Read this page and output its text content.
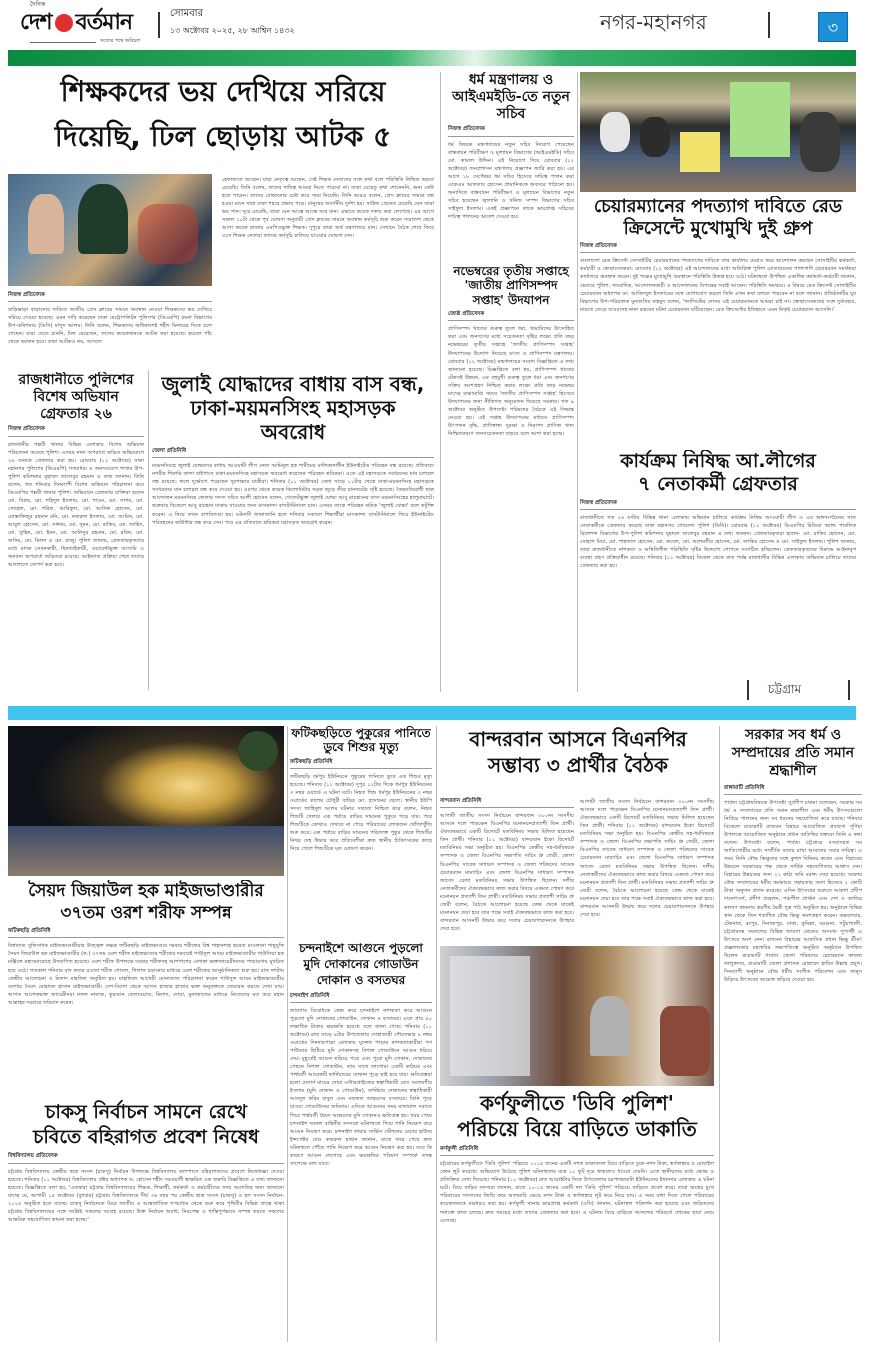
দৈনিক
দেশ বর্তমান
সত্যের পথে অবিচল
সোমবার
১৩ অক্টোবর ২০২৫, ২৮ আশ্বিন ১৪৩২	নগর-মহানগর	৩
শিক্ষকদের ভয় দেখিয়ে সরিয়ে
দিয়েছি, ঢিল ছোড়ায় আটক ৫
নিজস্ব প্রতিবেদক
বাড়িভাড়া বাড়ানোর দাবিতে জাতীয় প্রেস ক্লাবের সামনে অবস্থান নেওয়া শিক্ষকদের ভয় দেখিয়ে সরিয়ে দেওয়া হয়েছে। এমন দাবি করেছেন ঢাকা মেট্রোপলিটন পুলিশের (ডিএমপি) রমনা বিভাগের উপ-কমিশনার (ডিসি) মাসুদ আলম। তিনি বলেন, শিক্ষকদের অধিকাংশই শহীদ মিনারের দিকে চলে গেছেন। যারা যেতে চাননি, ঢিল মেরেছেন, তাদের কয়েকজনকে আটক করা হয়েছে। হয়তো পাঁচ থেকে ছয়জন হবে। তারা আটকও নয়, আসলে
হেফাজতে আছেন। যারা নেতৃত্বে আছেন, সেই শিক্ষক নেতাদের সঙ্গে কথা বলে পরিস্থিতি নিশ্চিত করতে চেয়েছি। তিনি বলেন, তাদের দায়িত্ব আমরা নিতে পারবো না। তারা যেহেতু কথা শোনেননি, অন্য কেউ হতে পারেন। তাদের বোঝানোর চেষ্টা করে সময় নিয়েছি। তিনি আরও বলেন, প্রেস ক্লাবের সামনে বন্ধ হওয়া মানে সারা ঢাকা শহরে প্রভাব পড়ে। মানুষের অবর্ণনীয় দুর্দশা হয়। সাউন্ড গ্রেনেড মেরেছি যেন তারা ভয় পান। দূরে মেরেছি, তারা যেন আস্তে আস্তে সরে যান। এভাবে কয়েক দফায় করা লেগেছে। এর আগে সকাল ১০টা থেকে পূর্ব ঘোষণা অনুযায়ী প্রেস ক্লাবের সামনে অবস্থান কর্মসূচি শুরু করেন সারাদেশ থেকে আসা কয়েক হাজার এমপিওভুক্ত শিক্ষক। দুপুরে তারা অর্থ মন্ত্রণালয়ে যান। সেখানে বৈঠক শেষে ফিরে এসে শিক্ষক নেতারা তাদের কর্মসূচি চালিয়ে যাওয়ার ঘোষণা দেন।
ধর্ম মন্ত্রণালয় ও আইএমইডি-তে নতুন সচিব
নিজস্ব প্রতিবেদক
ধর্ম বিষয়ক মন্ত্রণালয়ের নতুন সচিব নিয়োগ পেয়েছেন বাস্তবায়ন পরিবীক্ষণ ও মূল্যায়ন বিভাগের (আইএমইডি) সচিব মো. কামাল উদ্দিন। এই নিয়োগে দিয়ে রোববার (১২ অক্টোবর) জনপ্রশাসন মন্ত্রণালয় প্রজ্ঞাপন জারি করা হয়। এর আগে ১৮ সেপ্টেম্বর ধর্ম সচিব হিসেবে দায়িত্ব পালন করা একেএম আফতাব হোসেন প্রামানিককে অবসরে পাঠানো হয়। অন্যদিকে বাস্তবায়ন পরিবীক্ষণ ও মূল্যায়ন বিভাগের নতুন সচিব হয়েছেন জ্বালানি ও খনিজ সম্পদ বিভাগের সচিব সাইফুল ইসলাম। একই প্রজ্ঞাপনে তাকে ভারপ্রাপ্ত সচিবের দায়িত্ব পালনের আদেশ দেওয়া হয়।
চেয়ারম্যানের পদত্যাগ দাবিতে রেড
ক্রিসেন্টে মুখোমুখি দুই গ্রুপ
নিজস্ব প্রতিবেদক
বাংলাদেশ রেড ক্রিসেন্ট সোসাইটির চেয়ারম্যানের পদত্যাগের দাবিতে তার কার্যালয় ঘেরাও করে আন্দোলন করছেন সোসাইটির কর্মকর্তা, কর্মচারী ও স্বেচ্ছাসেবকরা। রোববার (১২ অক্টোবর) এই আন্দোলনের মধ্যে অতিরিক্ত পুলিশ মোতায়েনের পাশাপাশি চেয়ারম্যান সমর্থকরা কার্যালয়ে অবস্থান করেন। দুই পক্ষের মুখোমুখি অবস্থানে পরিস্থিতি উত্তপ্ত হয়ে ওঠে। ঘটনাস্থলে উপস্থিত একাধিক কর্মকর্তা-কর্মচারী জানান, ভেতরে পুলিশ, সাংবাদিক, আন্দোলনকারী ও আন্দোলনের বিপক্ষের সবাই আছেন। পরিস্থিতি থমথমে। এ বিষয়ে রেড ক্রিসেন্ট সোসাইটির চেয়ারম্যান অধ্যাপক ডা. আজিজুল ইসলামের সঙ্গে যোগাযোগ করলে তিনি এখন কথা বলতে পারবেন না বলে জানান। প্রতিষ্ঠানটির যুব বিভাগের উপ-পরিচালক মুনতাসির মাহমুদ বলেন, 'ফ্যাসিস্টের দোসর এই চেয়ারম্যানকে আমরা চাই না। স্বেচ্ছাসেবকদের সঙ্গে দুর্ব্যবহার, মারতে তেড়ে যাওয়াসহ নানা রকমের ঘটনা চেয়ারম্যান ঘটিয়েছেন। রেড ক্রিসেন্টের ইতিহাসে এমন নিকৃষ্ট চেয়ারম্যান আসেনি।'
রাজধানীতে পুলিশের বিশেষ অভিযান গ্রেফতার ২৬
নিজস্ব প্রতিবেদক
রাজধানীর পল্লবী থানার বিভিন্ন এলাকায় বিশেষ অভিযান পরিচালনা করেছে পুলিশ। এসময় নানা অপরাধে জড়িত অভিযোগে ২৬ জনকে গ্রেফতার করা হয়। রোববার (১২ অক্টোবর) ঢাকা মহানগর পুলিশের (ডিএমপি) গণমাধ্যম ও জনসংযোগ শাখার উপ-পুলিশ কমিশনার মুহাম্মদ তালেবুর রহমান এ তথ্য জানান। তিনি বলেন, গত শনিবার দিনব্যাপী বিশেষ অভিযান পরিচালনা করে ডিএমপির পল্লবী থানার পুলিশ। অভিযানে গ্রেফতার ব্যক্তিরা হলেন মো. বিপ্লব, মো. শহিদুল ইসলাম, মো. শাওন, মো. সাগর, মো. সোহেল, মো. শরিফ, আরিফুল, মো. আসিফ হোসেন, মো. মোস্তাফিজুর রহমান রনি, মো. নজরুল ইসলাম, মো. আমিন, মো. আবুল হোসেন, মো. সাদ্দাম, মো. সুমন, মো. রাকিব, মো. জাহিদ, মো. তুহিন, মো. ইমন, মো. আনিসুর রহমান, মো. রবিন, মো. জসিম, মো. মিলন ও মো. রাজু। পুলিশ জানায়, গ্রেফতারকৃতদের মধ্যে মাদক সেবনকারী, ছিনতাইকারী, ওয়ারেন্টভুক্ত আসামি ও অন্যান্য অপরাধে জড়িতরা রয়েছে। আইনগত প্রক্রিয়া শেষে তাদের আদালতে সোপর্দ করা হবে।
জুলাই যোদ্ধাদের বাধায় বাস বন্ধ, ঢাকা-ময়মনসিংহ মহাসড়ক অবরোধ
জেলা প্রতিনিধি
ময়মনসিংহে জুলাই যোদ্ধাদের বাধায় আওয়ামী লীগ নেতা আমিনুল হক শামীমের মালিকানাধীন ইউনাইটেড পরিবহন বন্ধ রয়েছে। প্রতিবাদে নগরীর শিকারি কান্দা বাইপাসে ঢাকা-ময়মনসিংহ মহাসড়ক অবরোধ করেছেন পরিবহন শ্রমিকরা। এতে এই মহাসড়কে সবধরনের যান চলাচল বন্ধ রয়েছে। ফলে দুর্ভোগে পড়েছেন দূরপাল্লার যাত্রীরা। শনিবার (১১ অক্টোবর) বেলা সাড়ে ১১টার থেকে ঢাকা-ময়মনসিংহ মহাসড়কে সবধরনের যান চলাচল বন্ধ করে দেওয়া হয়। এরপর থেকে কয়েক কিলোমিটার সড়ক জুড়ে তীব্র যানজটের সৃষ্টি হয়েছে। বৈষম্যবিরোধী ছাত্র আন্দোলন ময়মনসিংহ জেলার সদস্য সচিব আলী হোসেন বলেন, গেজেটভুক্ত জুলাই যোদ্ধা আবু রায়হানের বাসা ময়মনসিংহের হালুয়াঘাটে। শুক্রবার বিকেলে আবু রায়হান ঢাকায় যাওয়ার জন্য মাসকান্দা বাসটার্মিনালে যান। এসময় তাকে পরিবহন শ্রমিক 'জুলাই যোদ্ধা' বলে কটূক্তি করেন। এ নিয়ে তখন বাগবিতণ্ডা হয়। ঘটনাটি জানাজানি হলে শনিবার সকালে শিক্ষার্থীরা মাসকান্দা বাসটার্মিনালে গিয়ে ইউনাইটেড পরিবহনের কাউন্টার বন্ধ করে দেন। পরে এর প্রতিবাদে শ্রমিকরা মহাসড়ক অবরোধ করেন।
নভেম্বরের তৃতীয় সপ্তাহে 'জাতীয় প্রাণিসম্পদ সপ্তাহ' উদযাপন
জ্যেষ্ঠ প্রতিবেদক
প্রাণিসম্পদ খাতের গুরুত্ব তুলে ধরা, খামারিদের উৎসাহিত করা এবং জনগণের মধ্যে সচেতনতা সৃষ্টির লক্ষ্যে প্রতি বছর নভেম্বরের তৃতীয় সপ্তাহে 'জাতীয় প্রাণিসম্পদ সপ্তাহ' উদযাপনের উদ্যোগ নিয়েছে মৎস্য ও প্রাণিসম্পদ মন্ত্রণালয়। রোববার (১২ অক্টোবর) মন্ত্রণালয়ের সংবাদ বিজ্ঞপ্তিতে এ তথ্য জানানো হয়েছে। বিজ্ঞপ্তিতে বলা হয়, প্রাণিসম্পদ খাতের টেকসই উন্নয়ন, এর বহুমুখী গুরুত্ব তুলে ধরা এবং জনগণের সক্রিয় অংশগ্রহণ নিশ্চিত করার লক্ষ্যে প্রতি বছর নভেম্বর মাসের মাঝামাঝি সময়ে 'জাতীয় প্রাণিসম্পদ সপ্তাহ' হিসেবে উদযাপনের জন্য নীতিগত অনুমোদন দিয়েছে সরকার। গত ৯ অক্টোবর অনুষ্ঠিত উপদেষ্টা পরিষদের বৈঠকে এই সিদ্ধান্ত নেওয়া হয়। এই সপ্তাহ উদযাপনের মাধ্যমে প্রাণিসম্পদ উৎপাদন বৃদ্ধি, প্রাণিস্বাস্থ্য সুরক্ষা ও নিরাপদ প্রাণিজ খাদ্য নিশ্চিতকরণে জনসচেতনতা বাড়বে বলে আশা করা হচ্ছে।
কার্যক্রম নিষিদ্ধ আ.লীগের
৭ নেতাকর্মী গ্রেফতার
নিজস্ব প্রতিবেদক
রাজধানীতে গত ২৪ ঘণ্টায় বিভিন্ন থানা এলাকায় অভিযান চালিয়ে কার্যক্রম নিষিদ্ধ আওয়ামী লীগ ও এর অঙ্গসংগঠনের সাত নেতাকর্মীকে গ্রেফতার করেছে ঢাকা মহানগর গোয়েন্দা পুলিশ (ডিবি)। রোববার (১২ অক্টোবর) ডিএমপির মিডিয়া অ্যান্ড পাবলিক রিলেশন্স বিভাগের উপ-পুলিশ কমিশনার মুহাম্মদ তালেবুর রহমান এ তথ্য জানান। গ্রেফতারকৃতরা হলেন- মো. রাকিব হোসেন, মো. সোহাগ মিয়া, মো. শাহাদাত হোসেন, মো. রুবেল, মো. আলমগীর হোসেন, মো. জাকির হোসেন ও মো. সাইফুল ইসলাম। পুলিশ জানায়, তারা রাজধানীতে নাশকতা ও অস্থিতিশীল পরিস্থিতি সৃষ্টির উদ্দেশ্যে গোপনে সংগঠিত হচ্ছিলেন। গ্রেফতারকৃতদের বিরুদ্ধে আইনানুগ ব্যবস্থা গ্রহণ প্রক্রিয়াধীন রয়েছে। শনিবার (১১ অক্টোবর) বিকেল থেকে রাত পর্যন্ত রাজধানীর বিভিন্ন এলাকায় অভিযান চালিয়ে তাদের গ্রেফতার করা হয়।
চট্টগ্রাম
সৈয়দ জিয়াউল হক মাইজভাণ্ডারীর
৩৭তম ওরশ শরীফ সম্পন্ন
ফটিকছড়ি প্রতিনিধি
বিশ্বখ্যাত সুফিসাধক মাইজভাণ্ডারীয়ার উজ্জ্বল নক্ষত্র ফটিকছড়ি মাইজভাণ্ডার দরবার শরীফের বিশ্ব শাহানশাহ হযরত মাওলানা শাহ্সুফি সৈয়দ জিয়াউল হক মাইজভাণ্ডারীর (ক.) ৩৭তম ওরশ শরীফ মাইজভাণ্ডার শরীফের দরবারই গাউসুল আযম মাইজভাণ্ডারীর গাউসিয়া হক মঞ্জিলে মহাসমারোহে উদযাপিত হয়েছে। ওরশ শরীফ উপলক্ষে দরবার শরীফসহ আশপাশের এলাকা ভক্তজায়েরীনদের পদচারণায় মুখরিত হয়ে ওঠে। গতকাল শনিবার বাদ ফজর রওজা শরীফ গোসল, গিলাফ চড়ানোর মাধ্যমে ওরশ শরীফের আনুষ্ঠানিকতা শুরু হয়। রাত দশটায় কেন্দ্রীয় আলোচনা ও মিলাদ মাহফিল অনুষ্ঠিত হয়। মাহফিলে আখেরী মোনাজাত পরিচালনা করেন গাউসুল আযম মাইজভাণ্ডারীর বংশধর সৈয়দ মোহাম্মদ হাসান মাইজভাণ্ডারী। দেশ-বিদেশ থেকে আগত হাজার হাজার ভক্ত অনুরক্তকে জেয়ারত করতে দেখা যায়। আগত আশেকভক্ত জায়েরীনরা নফল নামাজ, কুরআন তেলাওয়াত, মিলাদ, দোয়া, মুনাজাতের মাধ্যমে নিজেদের মত করে মহান আল্লাহর দরবারে ফরিয়াদ করেন।
চাকসু নির্বাচন সামনে রেখে
চবিতে বহিরাগত প্রবেশ নিষেধ
বিশ্ববিদ্যালয় প্রতিবেদক
চট্টগ্রাম বিশ্ববিদ্যালয় কেন্দ্রীয় ছাত্র সংসদ (চাকসু) নির্বাচন উপলক্ষে বিশ্ববিদ্যালয় ক্যাম্পাসে বহিরাগতদের প্রবেশে নিষেধাজ্ঞা দেওয়া হয়েছে। শনিবার (১১ অক্টোবর) বিশ্ববিদ্যালয় প্রক্টর অধ্যাপক ড. হোসেন শহীদ সরওয়ার্দী স্বাক্ষরিত এক জরুরি বিজ্ঞপ্তিতে এ তথ্য জানানো হয়েছে। বিজ্ঞপ্তিতে বলা হয়, 'এতদ্বারা চট্টগ্রাম বিশ্ববিদ্যালয়ের শিক্ষক, শিক্ষার্থী, কর্মকর্তা ও কর্মচারীদের সদয় অবগতির জন্য জানানো যাচ্ছে যে, আগামী ১৫ অক্টোবর (বুধবার) চট্টগ্রাম বিশ্ববিদ্যালয়ে দীর্ঘ ৩৬ বছর পর কেন্দ্রীয় ছাত্র সংসদ (চাকসু) ও হল সংসদ নির্বাচন- ২০২৫ অনুষ্ঠিত হতে যাচ্ছে। চাকসু নির্বাচনকে ঘিরে জাতীয় ও আন্তর্জাতিক গণমাধ্যম থেকে শুরু করে পৃথিবীর বিভিন্ন প্রান্তে থাকা চট্টগ্রাম বিশ্ববিদ্যালয়ের সঙ্গে সংশ্লিষ্ট সকলের আগ্রহ রয়েছে। উক্ত নির্বাচন অবাধ, নিরপেক্ষ ও শান্তিপূর্ণভাবে সম্পন্ন করতে সকলের আন্তরিক সহযোগিতা কামনা করা হচ্ছে।'
ফটিকছড়িতে পুকুরের পানিতে ডুবে শিশুর মৃত্যু
ফটিকছড়ি প্রতিনিধি
ফটিকছড়ি ধর্মপুর ইউনিয়নে পুকুরের পানিতে ডুবে এক শিশুর মৃত্যু হয়েছে। শনিবার (১১ অক্টোবর) দুপুর ১২টার দিকে ধর্মপুর ইউনিয়নের ৩ নম্বর ওয়ার্ডে এ ঘটনা ঘটে। নিহত শিশু ধর্মপুর ইউনিয়নের ৩ নম্বর ওয়ার্ডের কাশেম চৌধুরী বাড়ির মো. হাসানের ছেলে। স্থানীয় ইউপি সদস্য জাহিদুল আলম ঘটনার সত্যতা নিশ্চিত করে বলেন, নিহত শিশুটি খেলার এক পর্যায়ে বাড়ির সামনের পুকুরে পড়ে যায়। পরে শিশুটিকে কোথাও দেখতে না পেয়ে পরিবারের লোকজন খোঁজাখুঁজি শুরু করে। এক পর্যায়ে বাড়ির সামনের পরিত্যক্ত পুকুর থেকে শিশুটির নিথর দেহ উদ্ধার করে প্রতিবেশীরা দ্রুত স্থানীয় চিকিৎসকের কাছে নিয়ে গেলে শিশুটিকে মৃত ঘোষণা করেন।
চন্দনাইশে আগুনে পুড়লো মুদি দোকানের গোডাউন দোকান ও বসতঘর
চন্দনাইশ প্রতিনিধি
জায়গার বিরোধকে কেন্দ্র করে চন্দনাইশে নাশকতা করে আগুনে পুড়লো মুদি দোকানের গোডাউন, দোকান ও বসতঘর। এতে প্রায় ৫০ লক্ষাধিক টাকার ক্ষয়ক্ষতি হয়েছে বলে জানা গেছে। শনিবার (১১ অক্টোবর) রাত সাড়ে ৯টায় উপজেলার দোহাজারী পৌরসভার ৯ নম্বর ওয়ার্ডের দিনদারপাড়া এলাকায় মুন্সেফ পাড়ার নাশকতাকারীরা গণ পাউডার ছিটিয়ে মুদি দোকানসহ বিশাল গোডাউনে আগুন ধরিয়ে দেয়। মুহূর্তেই আগুন ছড়িয়ে পড়ে এবং পুরো মুদি দোকান, দোকানের পেছনে বিশাল গোডাউন, তার সাথে লাগোয়া একটি কাঠঘর এবং পার্শ্ববর্তী আরেকটি ফার্নিচারের দোকান পুড়ে ছাই হয়ে যায়। ক্ষতিগ্রস্তরা হলো মেসার্স মায়ের দোয়া এন্টারপ্রাইজের স্বত্বাধিকারী মোঃ আলমগীর ইসলাম (মুদি দোকান ও গোডাউন), ফার্নিচার দোকানের স্বত্বাধিকারী আবদুল করিম বাবুল এবং মফজল আহমদের বসতঘর। তিনি পুড়ে যাওয়া গোডাউনের জমিদার। এদিকে আগুনের সময় মালামাল সরাতে গিয়ে পার্শ্ববর্তী ছৈয়দ আহমদের মুদি দোকানও ক্ষতিগ্রস্ত হয়। খবর পেয়ে চন্দনাইশ দমকল বাহিনীর সদস্যরা ঘটনাস্থলে গিয়ে পানি নিক্ষেপ করে আগুন নিয়ন্ত্রণ করে। চন্দনাইশ ফায়ার সার্ভিস স্টেশনের ওয়্যার হাউজ ইন্সপেক্টর মোঃ কামরুল হাছান জানান, রাতে খবর পেয়ে দ্রুত ঘটনাস্থলে পৌঁছে পানি নিক্ষেপ করে আগুন নিয়ন্ত্রণ করা হয়। তবে কি কারণে আগুন লেগেছে এবং ক্ষয়ক্ষতির পরিমাণ সম্পর্কে তদন্ত সাপেক্ষে বলা যাবে।
বান্দরবান আসনে বিএনপির
সম্ভাব্য ৩ প্রার্থীর বৈঠক
বান্দরবান প্রতিনিধি
আগামী জাতীয় সংসদ নির্বাচনে বান্দরবান ৩০০নং সংসদীয় আসনে দলে পাড়ক্ষেন বিএনপির মনোনয়নপ্রত্যাশী তিন প্রার্থী। ঐক্যবদ্ধভাবে একটি রিসোর্টে মতবিনিময় সভায় মিলিত হয়েছেন তিন প্রার্থী। শনিবার (১১ অক্টোবর) বান্দরবান ইকো রিসোর্টে মতবিনিময় সভা অনুষ্ঠিত হয়। বিএনপির কেন্দ্রীয় সহ-ধর্মবিষয়ক সম্পাদক ও জেলা বিএনপির সভাপতি সাচিং প্রু জেরী, জেলা বিএনপির সাবেক সাধারণ সম্পাদক ও জেলা পরিষদের সাবেক চেয়ারম্যান মাম্যাচিং এবং জেলা বিএনপির সাধারণ সম্পাদক জাবেদ রেজা মতবিনিময় সভায় উপস্থিত ছিলেন। দলীয় নেতাকর্মীদের ঐক্যবদ্ধভাবে কাজ করার বিষয়ে একমত পোষণ করে মনোনয়ন প্রত্যাশী তিন প্রার্থী। মতবিনিময় সভায় প্রত্যাশী সাচিং প্রু জেরী বলেন, বৈঠকে আলোচনা হয়েছে কেন্দ্র থেকে যাকেই মনোনয়ন দেয়া হবে তার পক্ষে সবাই ঐক্যবদ্ধভাবে কাজ করা হবে। বান্দরবান আসনটি উদ্ধার করে দলের চেয়ারপারসনকে উপহার দেয়া হবে।
আগামী জাতীয় সংসদ নির্বাচনে বান্দরবান ৩০০নং সংসদীয় আসনে দলে পাড়ক্ষেন বিএনপির মনোনয়নপ্রত্যাশী তিন প্রার্থী। ঐক্যবদ্ধভাবে একটি রিসোর্টে মতবিনিময় সভায় মিলিত হয়েছেন তিন প্রার্থী। শনিবার (১১ অক্টোবর) বান্দরবান ইকো রিসোর্টে মতবিনিময় সভা অনুষ্ঠিত হয়। বিএনপির কেন্দ্রীয় সহ-ধর্মবিষয়ক সম্পাদক ও জেলা বিএনপির সভাপতি সাচিং প্রু জেরী, জেলা বিএনপির সাবেক সাধারণ সম্পাদক ও জেলা পরিষদের সাবেক চেয়ারম্যান মাম্যাচিং এবং জেলা বিএনপির সাধারণ সম্পাদক জাবেদ রেজা মতবিনিময় সভায় উপস্থিত ছিলেন। দলীয় নেতাকর্মীদের ঐক্যবদ্ধভাবে কাজ করার বিষয়ে একমত পোষণ করে মনোনয়ন প্রত্যাশী তিন প্রার্থী। মতবিনিময় সভায় প্রত্যাশী সাচিং প্রু জেরী বলেন, বৈঠকে আলোচনা হয়েছে কেন্দ্র থেকে যাকেই মনোনয়ন দেয়া হবে তার পক্ষে সবাই ঐক্যবদ্ধভাবে কাজ করা হবে। বান্দরবান আসনটি উদ্ধার করে দলের চেয়ারপারসনকে উপহার দেয়া হবে।
কর্ণফুলীতে 'ডিবি পুলিশ'
পরিচয়ে বিয়ে বাড়িতে ডাকাতি
কর্ণফুলী প্রতিনিধি
চট্টগ্রামের কর্ণফুলীতে 'ডিবি পুলিশ' পরিচয়ে ১০১৫ জনের একটি সশস্ত্র ডাকাতদল বিয়ে বাড়িতে ঢুকে নগদ টাকা, স্বর্ণালঙ্কার ও মোবাইল ফোন লুট করেছে। অভিযোগ উঠেছে পুলিশ ঘটনাস্থলের মাত্র ১০ ফুট দূরে থাকলেও ধাওয়া দেয়নি। এতে স্থানীয়দের মধ্যে ক্ষোভ ও প্রতিক্রিয়া দেখা দিয়েছে। শনিবার (১১ অক্টোবর) রাত আড়াইটার দিকে উপজেলার চরপাথরঘাটা ইউনিয়নের ইছানগর এলাকায় এ ঘটনা ঘটে। বিয়ে বাড়ির সদস্যরা জানান, রাতে ১০-১৫ জনের একটি দল 'ডিবি পুলিশ' পরিচয়ে বাড়িতে প্রবেশ করে। তারা অস্ত্রের মুখে পরিবারের সদস্যদের জিম্মি করে আলমারি ভেঙে নগদ টাকা ও স্বর্ণালঙ্কার লুট করে নিয়ে যায়। এ সময় বাধা দিতে গেলে পরিবারের কয়েকজনকে মারধরও করা হয়। কর্ণফুলী থানার ভারপ্রাপ্ত কর্মকর্তা (ওসি) জানান, ঘটনাস্থল পরিদর্শন করা হয়েছে এবং জড়িতদের শনাক্তে কাজ চলছে। দ্রুত সময়ের মধ্যে তাদের গ্রেফতার করা হবে। এ ঘটনায় বিয়ে বাড়িতে আনন্দের পরিবর্তে শোকের ছায়া নেমে এসেছে।
সরকার সব ধর্ম ও সম্প্রদায়ের প্রতি সমান শ্রদ্ধাশীল
রাঙ্গামাটি প্রতিনিধি
পার্বত্য চট্টগ্রামবিষয়ক উপদেষ্টা সুপ্রদীপ চাকমা বলেছেন, সরকার সব ধর্ম ও সম্প্রদায়ের প্রতি সমান শ্রদ্ধাশীল এবং ধর্মীয় উৎসবগুলো নির্বিঘ্নে পালনের জন্য সব ধরনের সহযোগিতা করে যাচ্ছে। শনিবার বিকেলে রাঙামাটি রাজবন বিহারে আয়োজিত প্রবারণা পূর্ণিমা উপলক্ষে আয়োজিত অনুষ্ঠানে প্রধান অতিথির বক্তব্যে তিনি এ কথা বলেন। উপদেষ্টা বলেন, পার্বত্য চট্টগ্রামে বসবাসরত সব জাতিগোষ্ঠীর মধ্যে সম্প্রীতি বজায় রাখা আমাদের সবার দায়িত্ব। এ সময় তিনি বৌদ্ধ ভিক্ষুদের সঙ্গে কুশল বিনিময় করেন এবং বিহারের উন্নয়নে সরকারের পক্ষ থেকে সার্বিক সহযোগিতার আশ্বাস দেন। বিহারের উন্নয়নের জন্য ২১ কাঠা জমি বরাদ্দ দেয়া হয়েছে। সরকার বৌদ্ধ সম্প্রদায়ের ধর্মীয় কর্মকাণ্ডে সহায়তার অংশ হিসেবে ২ কোটি টাকা অনুদান প্রদান করেছে। এদিন উৎসবের শুরুতে আকাশ প্রদীপ দানোৎসর্গ, প্রদীপ প্রজ্বলন, পঞ্চশীল প্রার্থনা এবং দেশ ও জাতির কল্যাণ কামনায় করণীয় মৈত্রী সূত্র পাঠ অনুষ্ঠিত হয়। অনুষ্ঠানে বিভিন্ন স্থান থেকে তিন শতাধিক বৌদ্ধ ভিক্ষু অংশগ্রহণ করেন। কক্সবাজার, টেকনাফ, রংপুর, দিনাজপুর, ঢাকা, কুমিল্লা, বরগুনা, পটুয়াখালী, চট্টগ্রামসহ সমতলের বিভিন্ন জায়গা থেকেও অসংখ্য পুণ্যার্থী এ উৎসবে অংশ নেন। রাজবন বিহারের আবাসিক প্রধান ভিক্ষু শ্রীমৎ প্রজ্ঞালংকার মহাস্থবির সভাপতিত্বে অনুষ্ঠিত অনুষ্ঠানে উপস্থিত ছিলেন রাঙামাটি পার্বত্য জেলা পরিষদের চেয়ারম্যান কাজল তালুকদার, রাঙামাটি জেলা প্রশাসক মোহাম্মদ হাবিব উল্লাহ প্রমুখ। দিনব্যাপী অনুষ্ঠানে বৌদ্ধ ধর্মীয় সংগীত পরিবেশন এবং ফানুস উড়িয়ে উৎসবের আমেজ ছড়িয়ে দেওয়া হয়।
